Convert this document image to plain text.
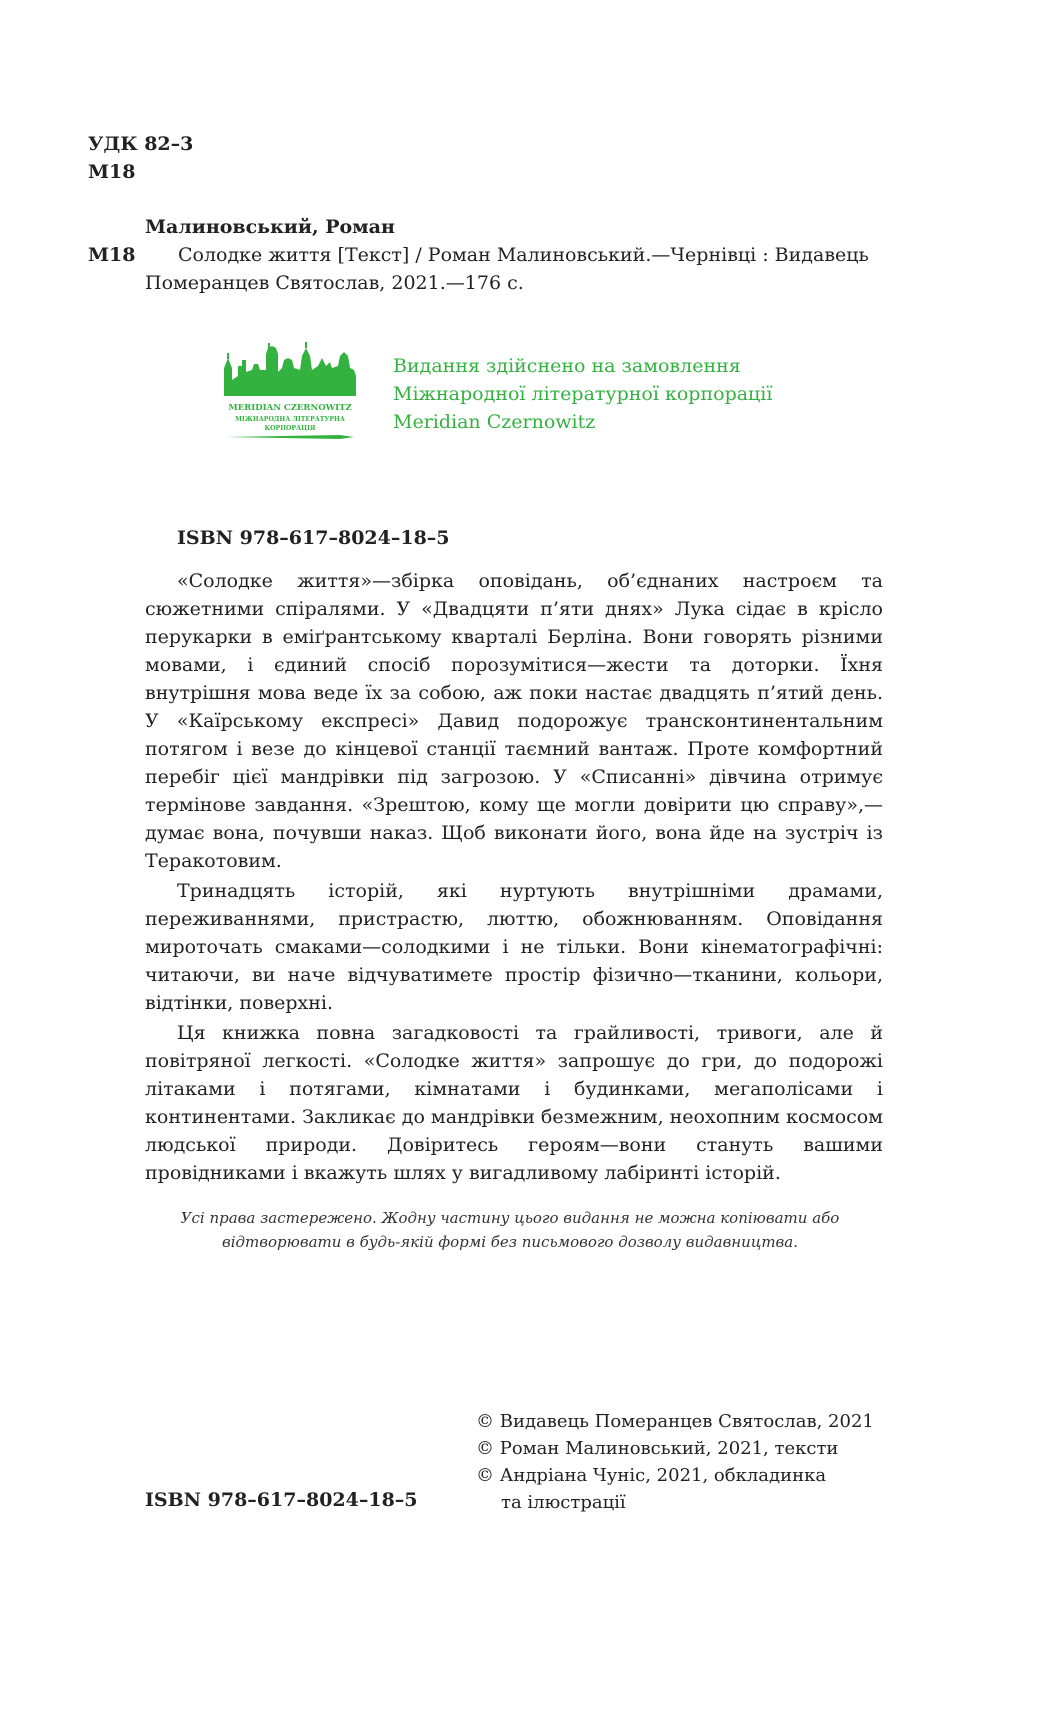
УДК 82–3
М18
Малиновський, Роман
М18	Солодке життя [Текст] / Роман Малиновський.—Чернівці : Видавець
Померанцев Святослав, 2021.—176 с.
MERIDIAN CZERNOWITZ
МІЖНАРОДНА ЛІТЕРАТУРНА
КОРПОРАЦІЯ
Видання здійснено на замовлення
Міжнародної літературної корпорації
Meridian Czernowitz
ISBN 978–617–8024–18–5

«Солодке життя»—збірка оповідань, об’єднаних настроєм та сюжетними спіралями. У «Двадцяти п’яти днях» Лука сідає в крісло перукарки в еміґрантському кварталі Берліна. Вони говорять різними мовами, і єдиний спосіб порозумітися—жести та доторки. Їхня внутрішня мова веде їх за собою, аж поки настає двадцять п’ятий день. У «Каїрському експресі» Давид подорожує трансконтинентальним потягом і везе до кінцевої станції таємний вантаж. Проте комфортний перебіг цієї мандрівки під загрозою. У «Списанні» дівчина отримує термінове завдання. «Зрештою, кому ще могли довірити цю справу»,—думає вона, почувши наказ. Щоб виконати його, вона йде на зустріч із Теракотовим.

Тринадцять історій, які нуртують внутрішніми драмами, переживаннями, пристрастю, люттю, обожнюванням. Оповідання мироточать смаками—солодкими і не тільки. Вони кінематографічні: читаючи, ви наче відчуватимете простір фізично—тканини, кольори, відтінки, поверхні.

Ця книжка повна загадковості та грайливості, тривоги, але й повітряної легкості. «Солодке життя» запрошує до гри, до подорожі літаками і потягами, кімнатами і будинками, мегаполісами і континентами. Закликає до мандрівки безмежним, неохопним космосом людської природи. Довіритесь героям—вони стануть вашими провідниками і вкажуть шлях у вигадливому лабіринті історій.

Усі права застережено. Жодну частину цього видання не можна копіювати або відтворювати в будь-якій формі без письмового дозволу видавництва.
© Видавець Померанцев Святослав, 2021
© Роман Малиновський, 2021, тексти
© Андріана Чуніс, 2021, обкладинка
та ілюстрації
ISBN 978–617–8024–18–5
